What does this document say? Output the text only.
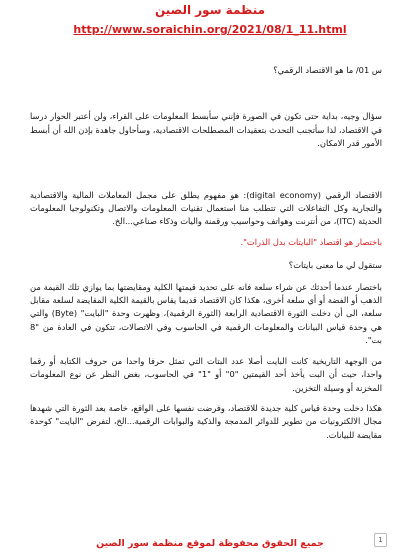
منظمة سور الصين
http://www.soraichin.org/2021/08/1_11.html

س 01/ ما هو الاقتصاد الرقمي؟

سؤال وجيه، بداية حتى تكون في الصورة فإنني سأبسط المعلومات على القراء، ولن أعتبر الحوار درسا في الاقتصاد، لذا سأتجنب التحدث بتعقيدات المصطلحات الاقتصادية، وسأحاول جاهدة بإذن الله أن أبسط الأمور قدر الامكان.

الاقتصاد الرقمي (digital economy): هو مفهوم يطلق على مجمل المعاملات المالية والاقتصادية والتجارية وكل التفاعلات التي تتطلب منا استعمال تقنيات المعلومات والاتصال وتكنولوجيا المعلومات الحديثة (ITC)، من أنترنت وهواتف وحواسيب ورقمنة واليات وذكاء صناعي...الخ.

باختصار هو اقتصاد "البايتات بدل الذرات".

ستقول لي ما معنى بايتات؟

باختصار عندما أحدثك عن شراء سلعة فانه على تحديد قيمتها الكلية ومقايضتها بما يوازي تلك القيمة من الذهب أو الفضة أو أي سلعة أخرى، هكذا كان الاقتصاد قديما يقاس بالقيمة الكلية المقايضة لسلعة مقابل سلعة، الى أن دخلت الثورة الاقتصادية الرابعة (الثورة الرقمية)، وظهرت وحدة "البايت" (Byte) والتي هي وحدة قياس البيانات والمعلومات الرقمية في الحاسوب وفي الاتصالات، تتكون في العادة من "8 بت".

من الوجهة التاريخية كانت البايت أصلا عدد البتات التي تمثل حرفا واحدا من حروف الكتابة أو رقما واحدا، حيث أن البت يأخذ أحد القيمتين "0" أو "1" في الحاسوب، بغض النظر عن نوع المعلومات المخزنة أو وسيلة التخزين.

هكذا دخلت وحدة قياس كلية جديدة للاقتصاد، وفرضت نفسها على الواقع، خاصة بعد الثورة التي شهدها مجال الالكترونيات من تطوير للدوائر المدمجة والذكية والبوابات الرقمية...الخ، لتفرض "البايت" كوحدة مقايضة للبيانات.

1
جميع الحقوق محفوظة لموقع منظمة سور الصين
